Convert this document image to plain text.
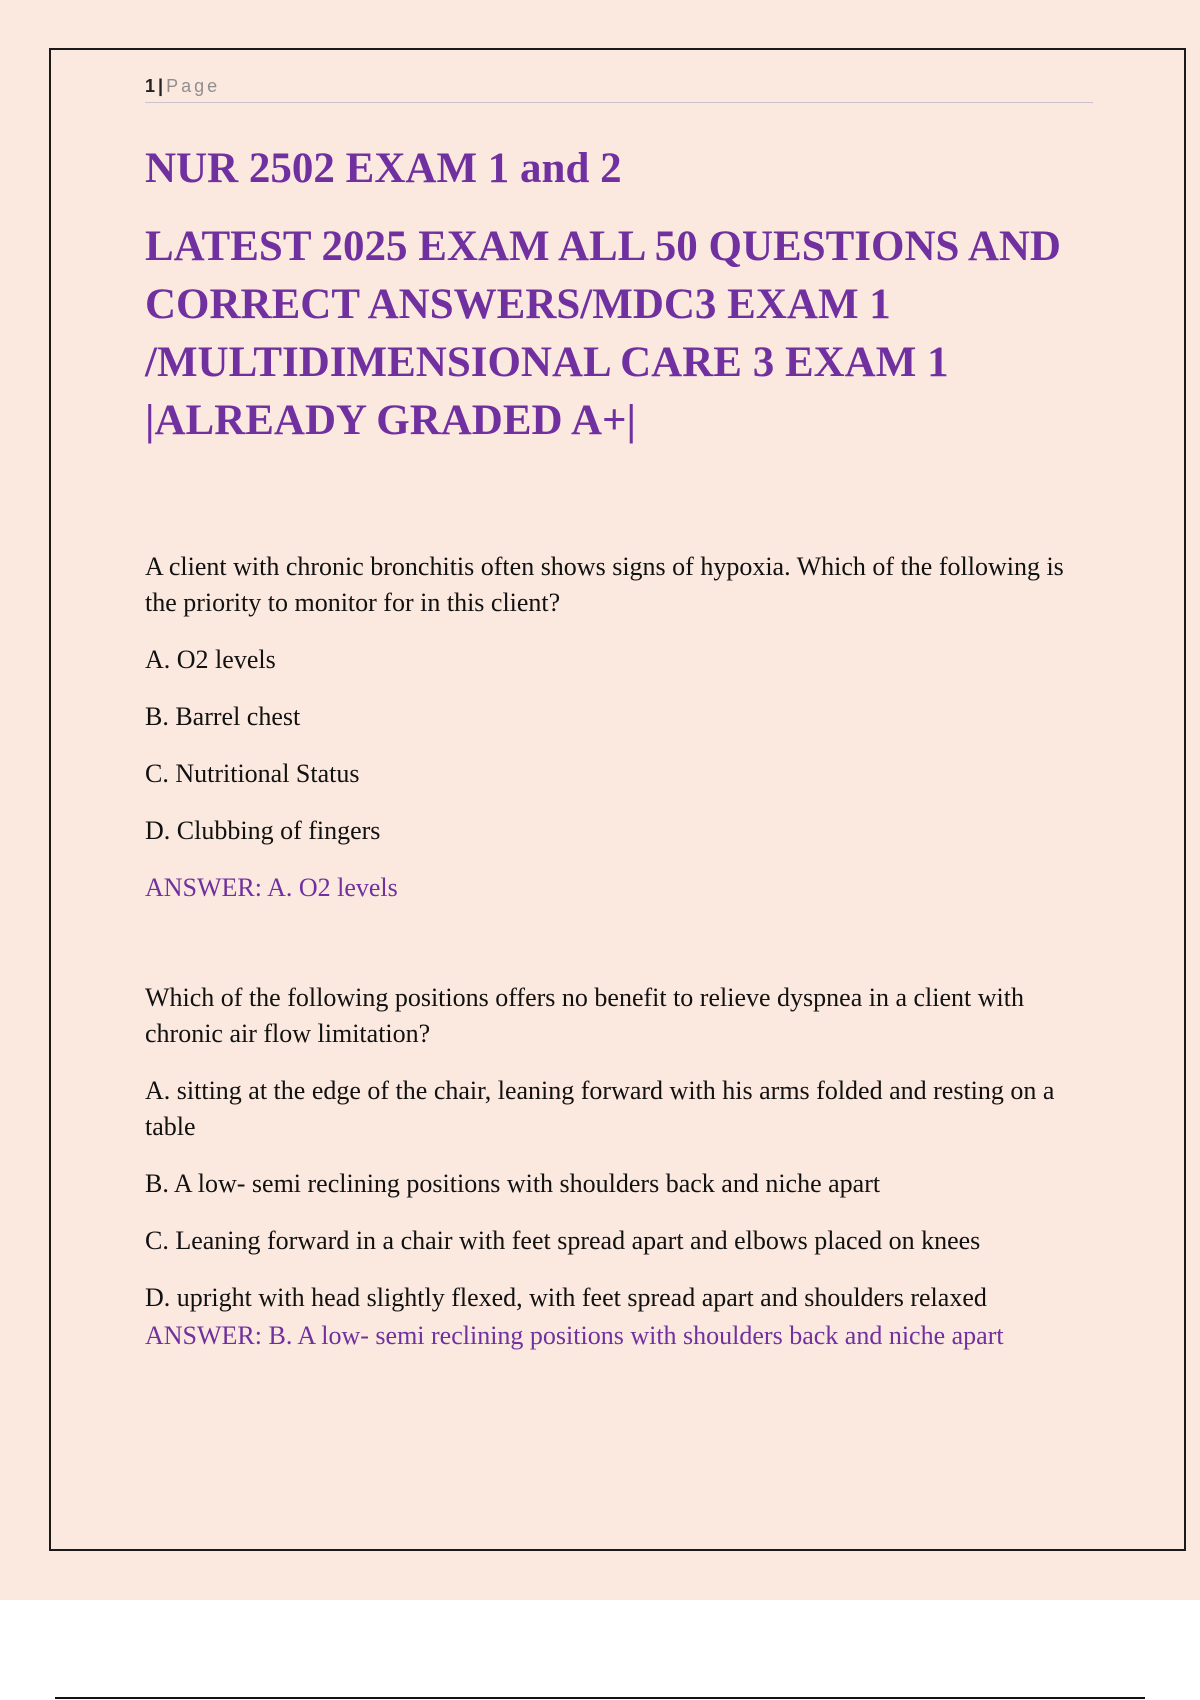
1 | Page
NUR 2502 EXAM 1 and 2
LATEST 2025 EXAM ALL 50 QUESTIONS AND CORRECT ANSWERS/MDC3 EXAM 1 /MULTIDIMENSIONAL CARE 3 EXAM 1 |ALREADY GRADED A+|

A client with chronic bronchitis often shows signs of hypoxia. Which of the following is the priority to monitor for in this client?

A. O2 levels

B. Barrel chest

C. Nutritional Status

D. Clubbing of fingers

ANSWER: A. O2 levels

Which of the following positions offers no benefit to relieve dyspnea in a client with chronic air flow limitation?

A. sitting at the edge of the chair, leaning forward with his arms folded and resting on a table

B. A low- semi reclining positions with shoulders back and niche apart

C. Leaning forward in a chair with feet spread apart and elbows placed on knees

D. upright with head slightly flexed, with feet spread apart and shoulders relaxed

ANSWER: B. A low- semi reclining positions with shoulders back and niche apart
